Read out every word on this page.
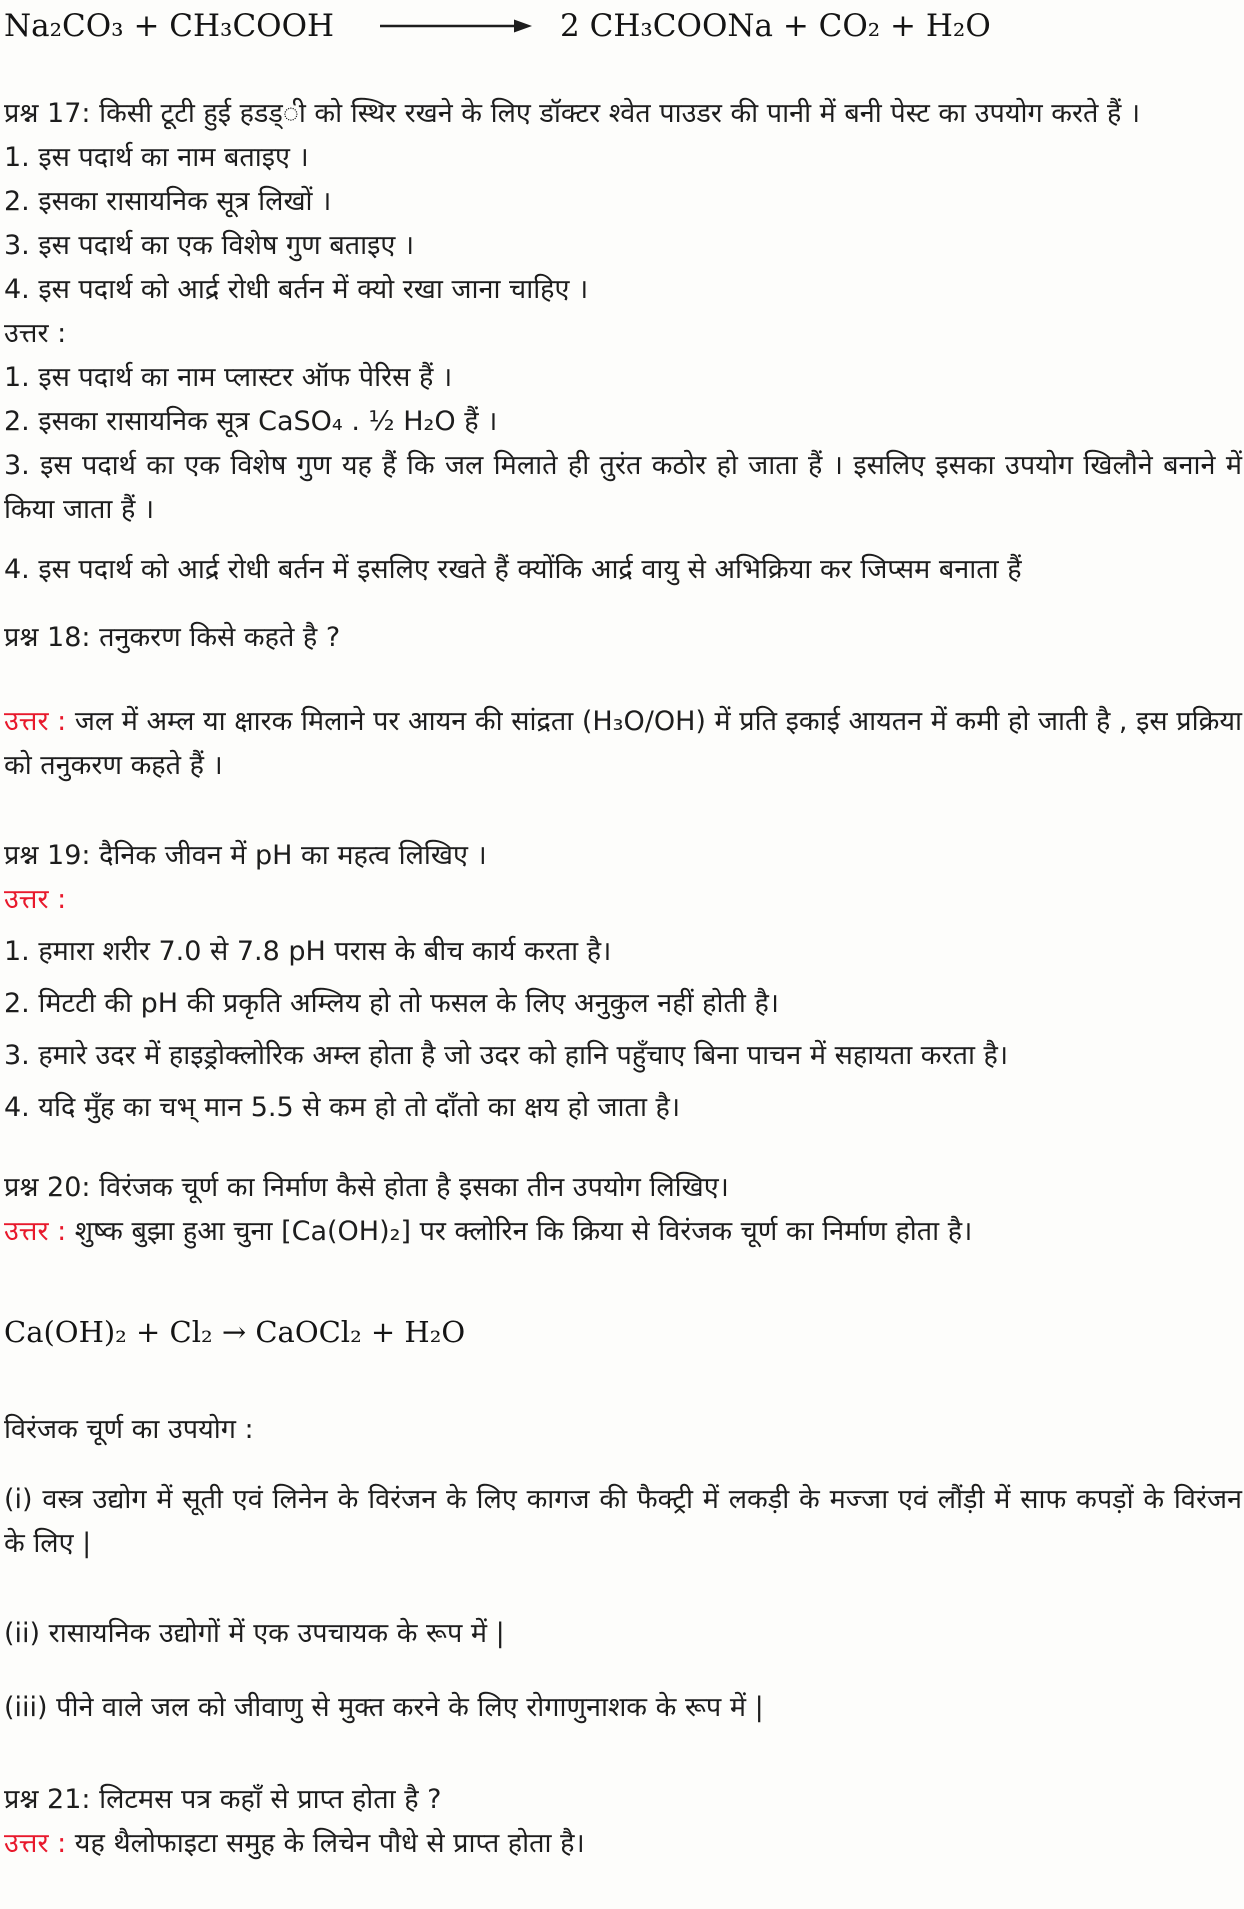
Na₂CO₃ + CH₃COOH	2 CH₃COONa + CO₂ + H₂O

प्रश्न 17: किसी टूटी हुई हडड्ी को स्थिर रखने के लिए डॉक्टर श्वेत पाउडर की पानी में बनी पेस्ट का उपयोग करते हैं ।

1. इस पदार्थ का नाम बताइए ।

2. इसका रासायनिक सूत्र लिखों ।

3. इस पदार्थ का एक विशेष गुण बताइए ।

4. इस पदार्थ को आर्द्र रोधी बर्तन में क्यो रखा जाना चाहिए ।

उत्तर :

1. इस पदार्थ का नाम प्लास्टर ऑफ पेरिस हैं ।

2. इसका रासायनिक सूत्र CaSO₄ . ½ H₂O हैं ।

3. इस पदार्थ का एक विशेष गुण यह हैं कि जल मिलाते ही तुरंत कठोर हो जाता हैं । इसलिए इसका उपयोग खिलौने बनाने में किया जाता हैं ।

4. इस पदार्थ को आर्द्र रोधी बर्तन में इसलिए रखते हैं क्योंकि आर्द्र वायु से अभिक्रिया कर जिप्सम बनाता हैं

प्रश्न 18: तनुकरण किसे कहते है ?

उत्तर : जल में अम्ल या क्षारक मिलाने पर आयन की सांद्रता (H₃O/OH) में प्रति इकाई आयतन में कमी हो जाती है , इस प्रक्रिया को तनुकरण कहते हैं ।

प्रश्न 19: दैनिक जीवन में pH का महत्व लिखिए ।

उत्तर :

1. हमारा शरीर 7.0 से 7.8 pH परास के बीच कार्य करता है।

2. मिटटी की pH की प्रकृति अम्लिय हो तो फसल के लिए अनुकुल नहीं होती है।

3. हमारे उदर में हाइड्रोक्लोरिक अम्ल होता है जो उदर को हानि पहुँचाए बिना पाचन में सहायता करता है।

4. यदि मुँह का चभ् मान 5.5 से कम हो तो दाँतो का क्षय हो जाता है।

प्रश्न 20: विरंजक चूर्ण का निर्माण कैसे होता है इसका तीन उपयोग लिखिए।

उत्तर : शुष्क बुझा हुआ चुना [Ca(OH)₂] पर क्लोरिन कि क्रिया से विरंजक चूर्ण का निर्माण होता है।

Ca(OH)₂ + Cl₂ → CaOCl₂ + H₂O

विरंजक चूर्ण का उपयोग :

(i) वस्त्र उद्योग में सूती एवं लिनेन के विरंजन के लिए कागज की फैक्ट्री में लकड़ी के मज्जा एवं लौंड़ी में साफ कपड़ों के विरंजन के लिए |

(ii) रासायनिक उद्योगों में एक उपचायक के रूप में |

(iii) पीने वाले जल को जीवाणु से मुक्त करने के लिए रोगाणुनाशक के रूप में |

प्रश्न 21: लिटमस पत्र कहाँ से प्राप्त होता है ?

उत्तर : यह थैलोफाइटा समुह के लिचेन पौधे से प्राप्त होता है।
